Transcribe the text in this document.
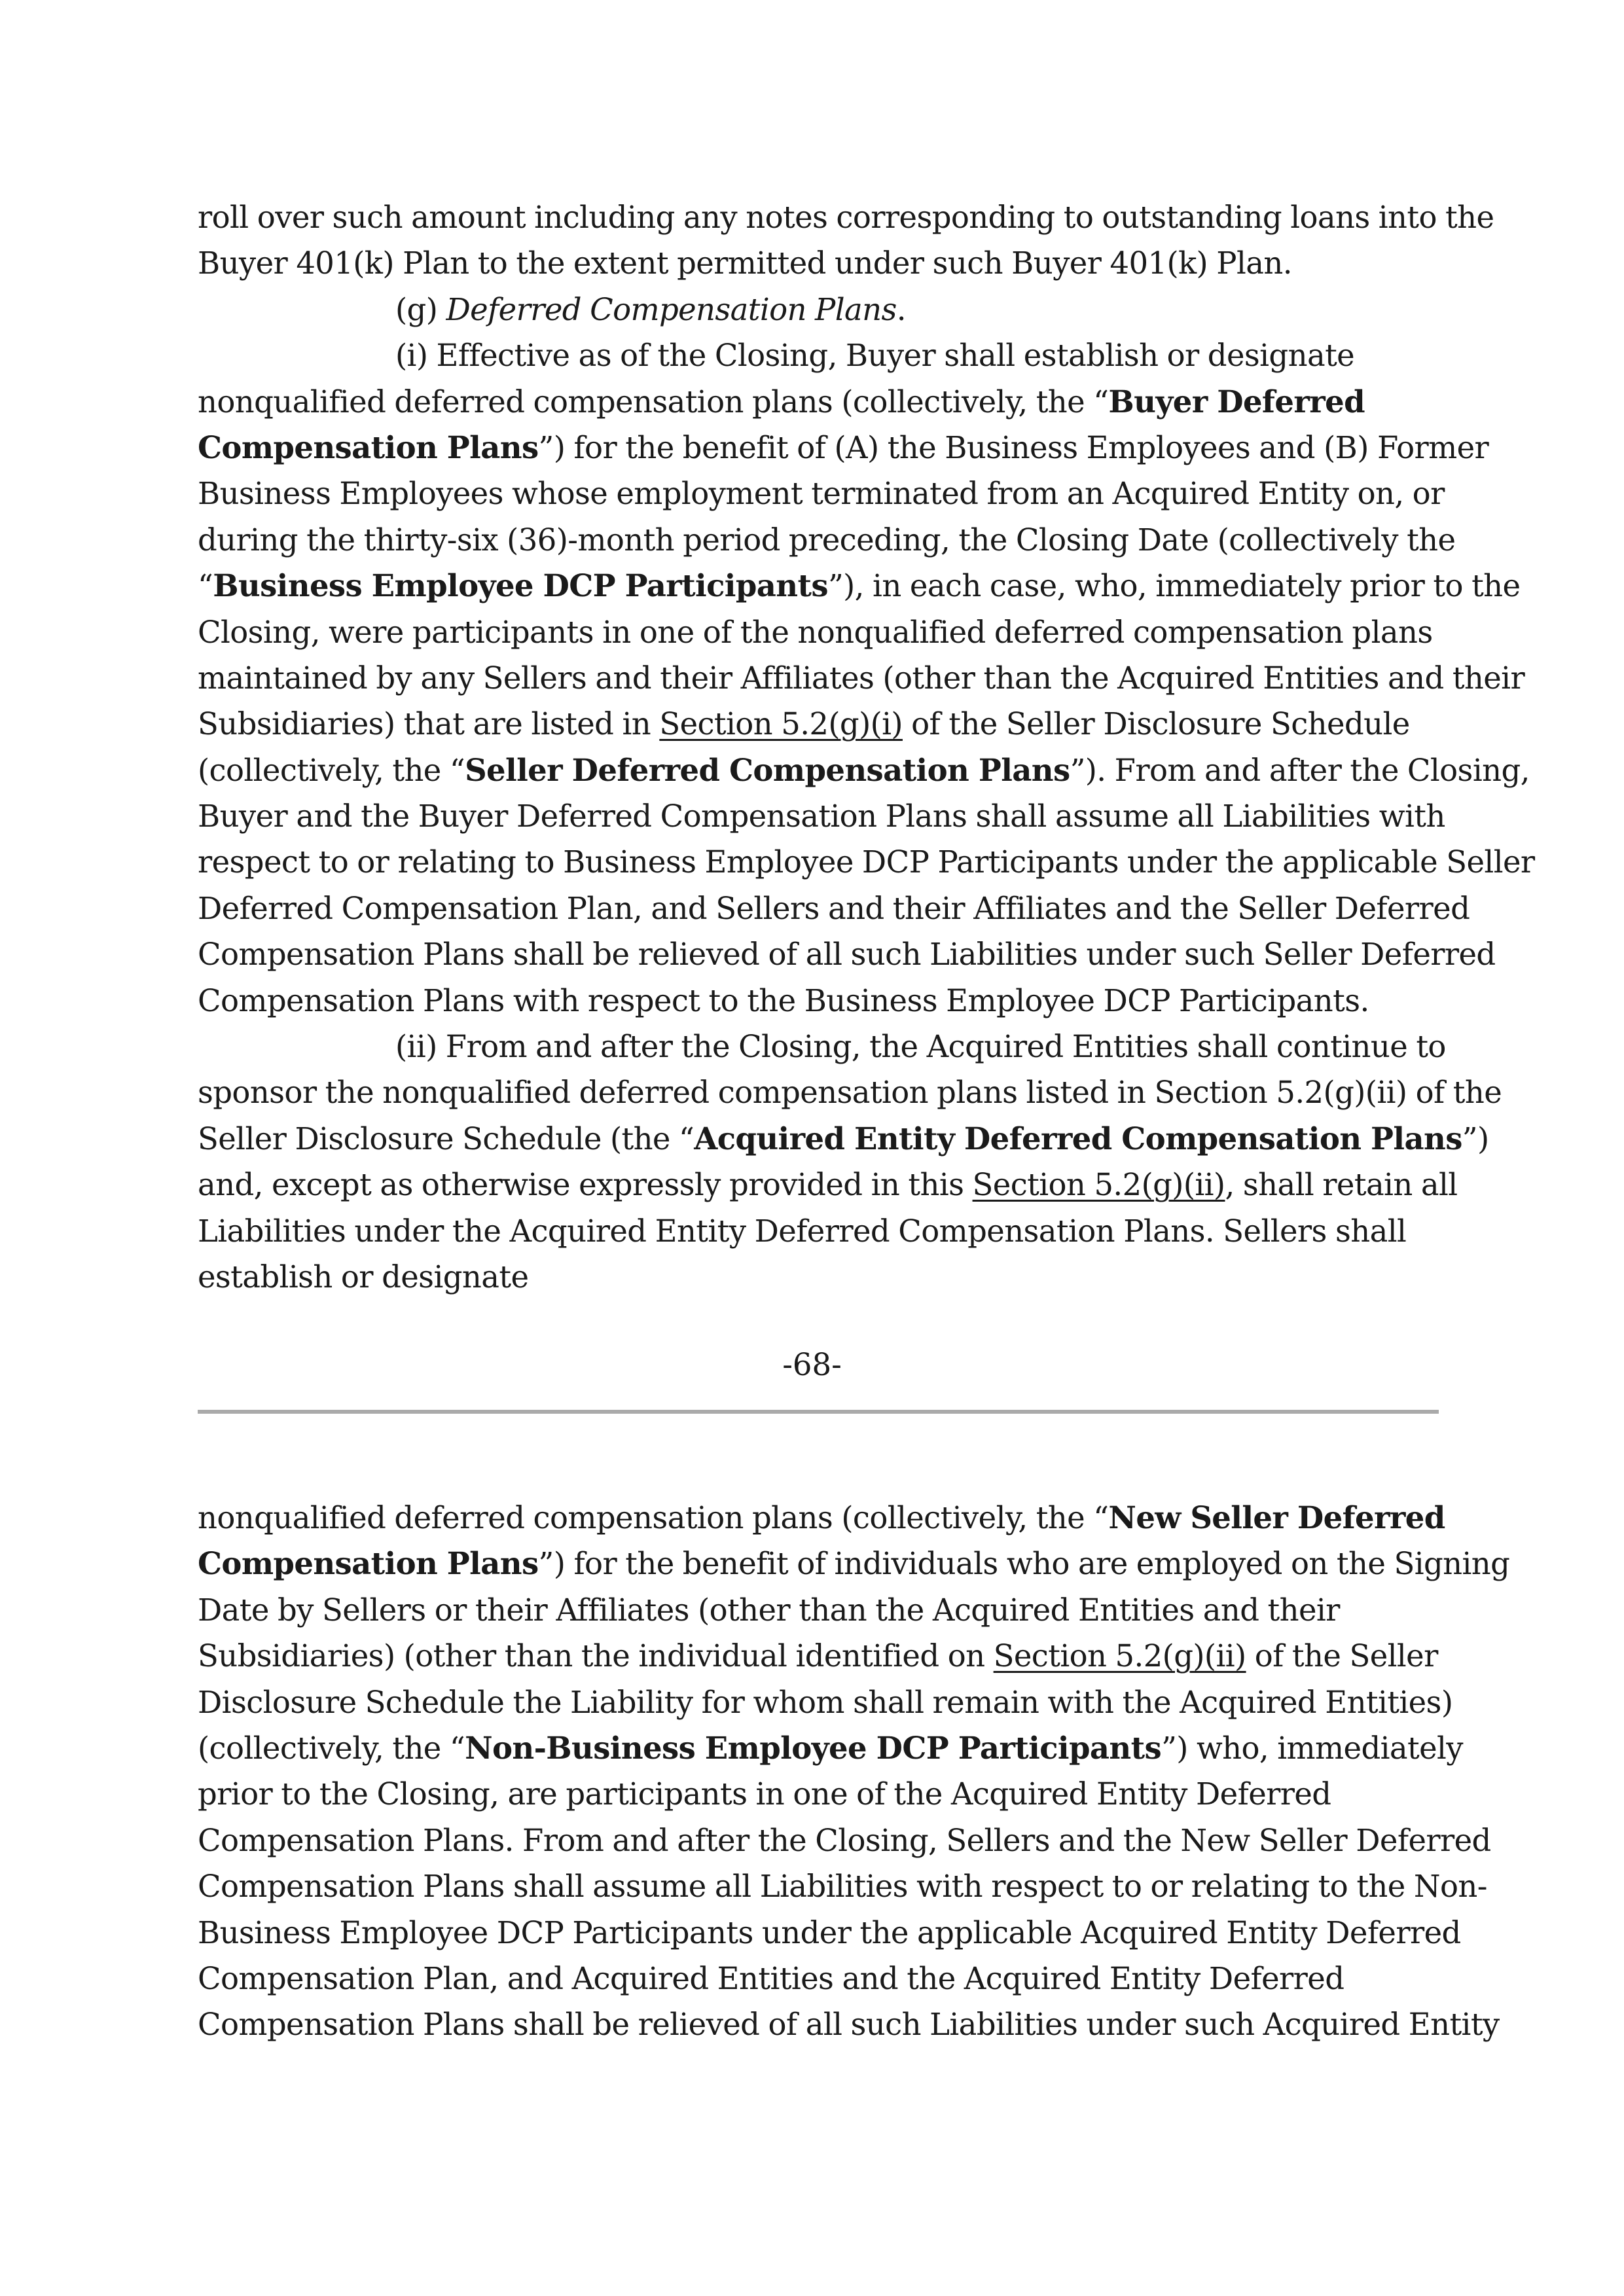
roll over such amount including any notes corresponding to outstanding loans into the
Buyer 401(k) Plan to the extent permitted under such Buyer 401(k) Plan.
(g) Deferred Compensation Plans.
(i) Effective as of the Closing, Buyer shall establish or designate
nonqualified deferred compensation plans (collectively, the “Buyer Deferred
Compensation Plans”) for the benefit of (A) the Business Employees and (B) Former
Business Employees whose employment terminated from an Acquired Entity on, or
during the thirty-six (36)-month period preceding, the Closing Date (collectively the
“Business Employee DCP Participants”), in each case, who, immediately prior to the
Closing, were participants in one of the nonqualified deferred compensation plans
maintained by any Sellers and their Affiliates (other than the Acquired Entities and their
Subsidiaries) that are listed in Section 5.2(g)(i) of the Seller Disclosure Schedule
(collectively, the “Seller Deferred Compensation Plans”). From and after the Closing,
Buyer and the Buyer Deferred Compensation Plans shall assume all Liabilities with
respect to or relating to Business Employee DCP Participants under the applicable Seller
Deferred Compensation Plan, and Sellers and their Affiliates and the Seller Deferred
Compensation Plans shall be relieved of all such Liabilities under such Seller Deferred
Compensation Plans with respect to the Business Employee DCP Participants.
(ii) From and after the Closing, the Acquired Entities shall continue to
sponsor the nonqualified deferred compensation plans listed in Section 5.2(g)(ii) of the
Seller Disclosure Schedule (the “Acquired Entity Deferred Compensation Plans”)
and, except as otherwise expressly provided in this Section 5.2(g)(ii), shall retain all
Liabilities under the Acquired Entity Deferred Compensation Plans. Sellers shall
establish or designate
-68-
nonqualified deferred compensation plans (collectively, the “New Seller Deferred
Compensation Plans”) for the benefit of individuals who are employed on the Signing
Date by Sellers or their Affiliates (other than the Acquired Entities and their
Subsidiaries) (other than the individual identified on Section 5.2(g)(ii) of the Seller
Disclosure Schedule the Liability for whom shall remain with the Acquired Entities)
(collectively, the “Non-Business Employee DCP Participants”) who, immediately
prior to the Closing, are participants in one of the Acquired Entity Deferred
Compensation Plans. From and after the Closing, Sellers and the New Seller Deferred
Compensation Plans shall assume all Liabilities with respect to or relating to the Non-
Business Employee DCP Participants under the applicable Acquired Entity Deferred
Compensation Plan, and Acquired Entities and the Acquired Entity Deferred
Compensation Plans shall be relieved of all such Liabilities under such Acquired Entity
